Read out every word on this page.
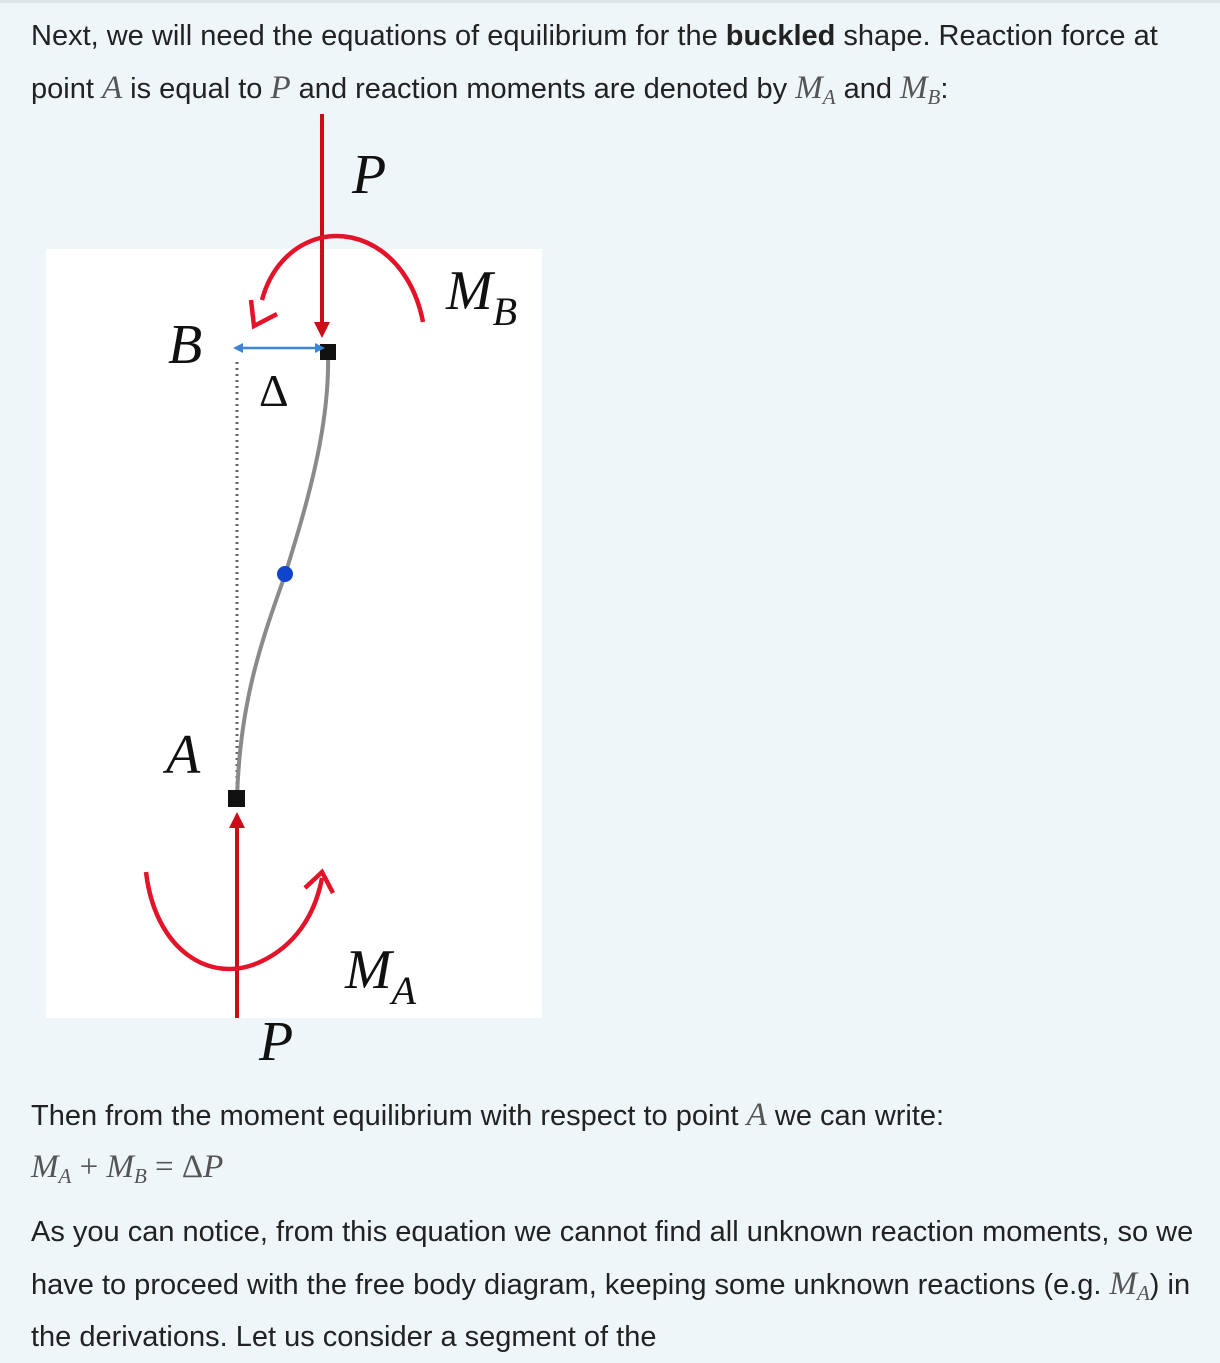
Next, we will need the equations of equilibrium for the buckled shape. Reaction force at point A is equal to P and reaction moments are denoted by $M_A$ and $M_B$:

P
$M_B$
B
Δ
A
$M_A$
P

Then from the moment equilibrium with respect to point A we can write:

$M_A + M_B = \Delta P$

As you can notice, from this equation we cannot find all unknown reaction moments, so we have to proceed with the free body diagram, keeping some unknown reactions (e.g. $M_A$) in the derivations. Let us consider a segment of the
